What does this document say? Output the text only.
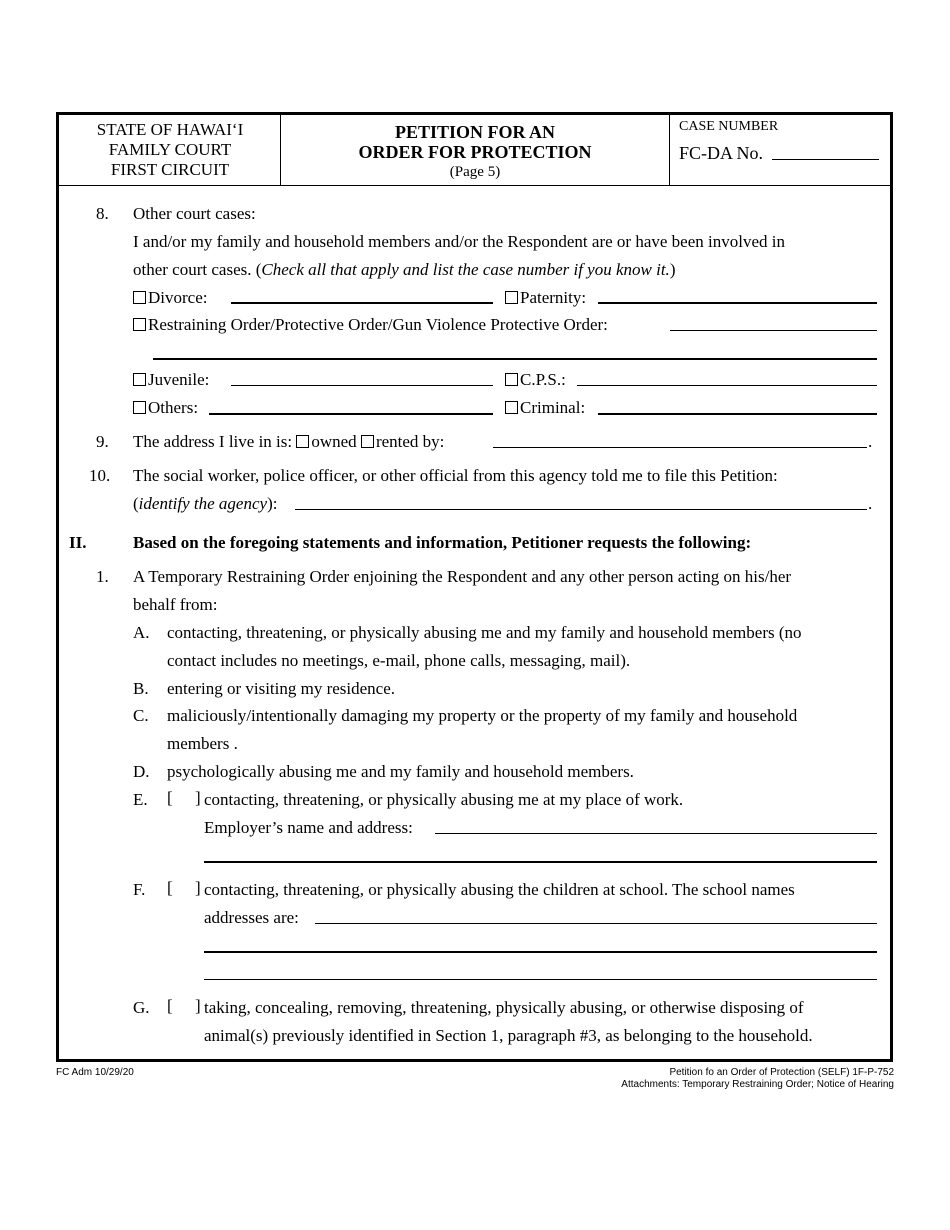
STATE OF HAWAI‘I
FAMILY COURT
FIRST CIRCUIT
PETITION FOR AN
ORDER FOR PROTECTION
(Page 5)
CASE NUMBER
FC-DA No.
8. Other court cases:
I and/or my family and household members and/or the Respondent are or have been involved in
other court cases. (Check all that apply and list the case number if you know it.)
Divorce:	Paternity:
Restraining Order/Protective Order/Gun Violence Protective Order:
Juvenile:	C.P.S.:
Others:	Criminal:
9. The address I live in is: owned rented by:	.
10. The social worker, police officer, or other official from this agency told me to file this Petition:
(identify the agency):	.
II.	Based on the foregoing statements and information, Petitioner requests the following:
1. A Temporary Restraining Order enjoining the Respondent and any other person acting on his/her
behalf from:
A. contacting, threatening, or physically abusing me and my family and household members (no
contact includes no meetings, e-mail, phone calls, messaging, mail).
B. entering or visiting my residence.
C. maliciously/intentionally damaging my property or the property of my family and household
members .
D. psychologically abusing me and my family and household members.
E. [ ] contacting, threatening, or physically abusing me at my place of work.
Employer’s name and address:
F. [ ] contacting, threatening, or physically abusing the children at school. The school names
addresses are:
G. [ ] taking, concealing, removing, threatening, physically abusing, or otherwise disposing of
animal(s) previously identified in Section 1, paragraph #3, as belonging to the household.
FC Adm 10/29/20	Petition fo an Order of Protection (SELF) 1F-P-752
Attachments: Temporary Restraining Order; Notice of Hearing
